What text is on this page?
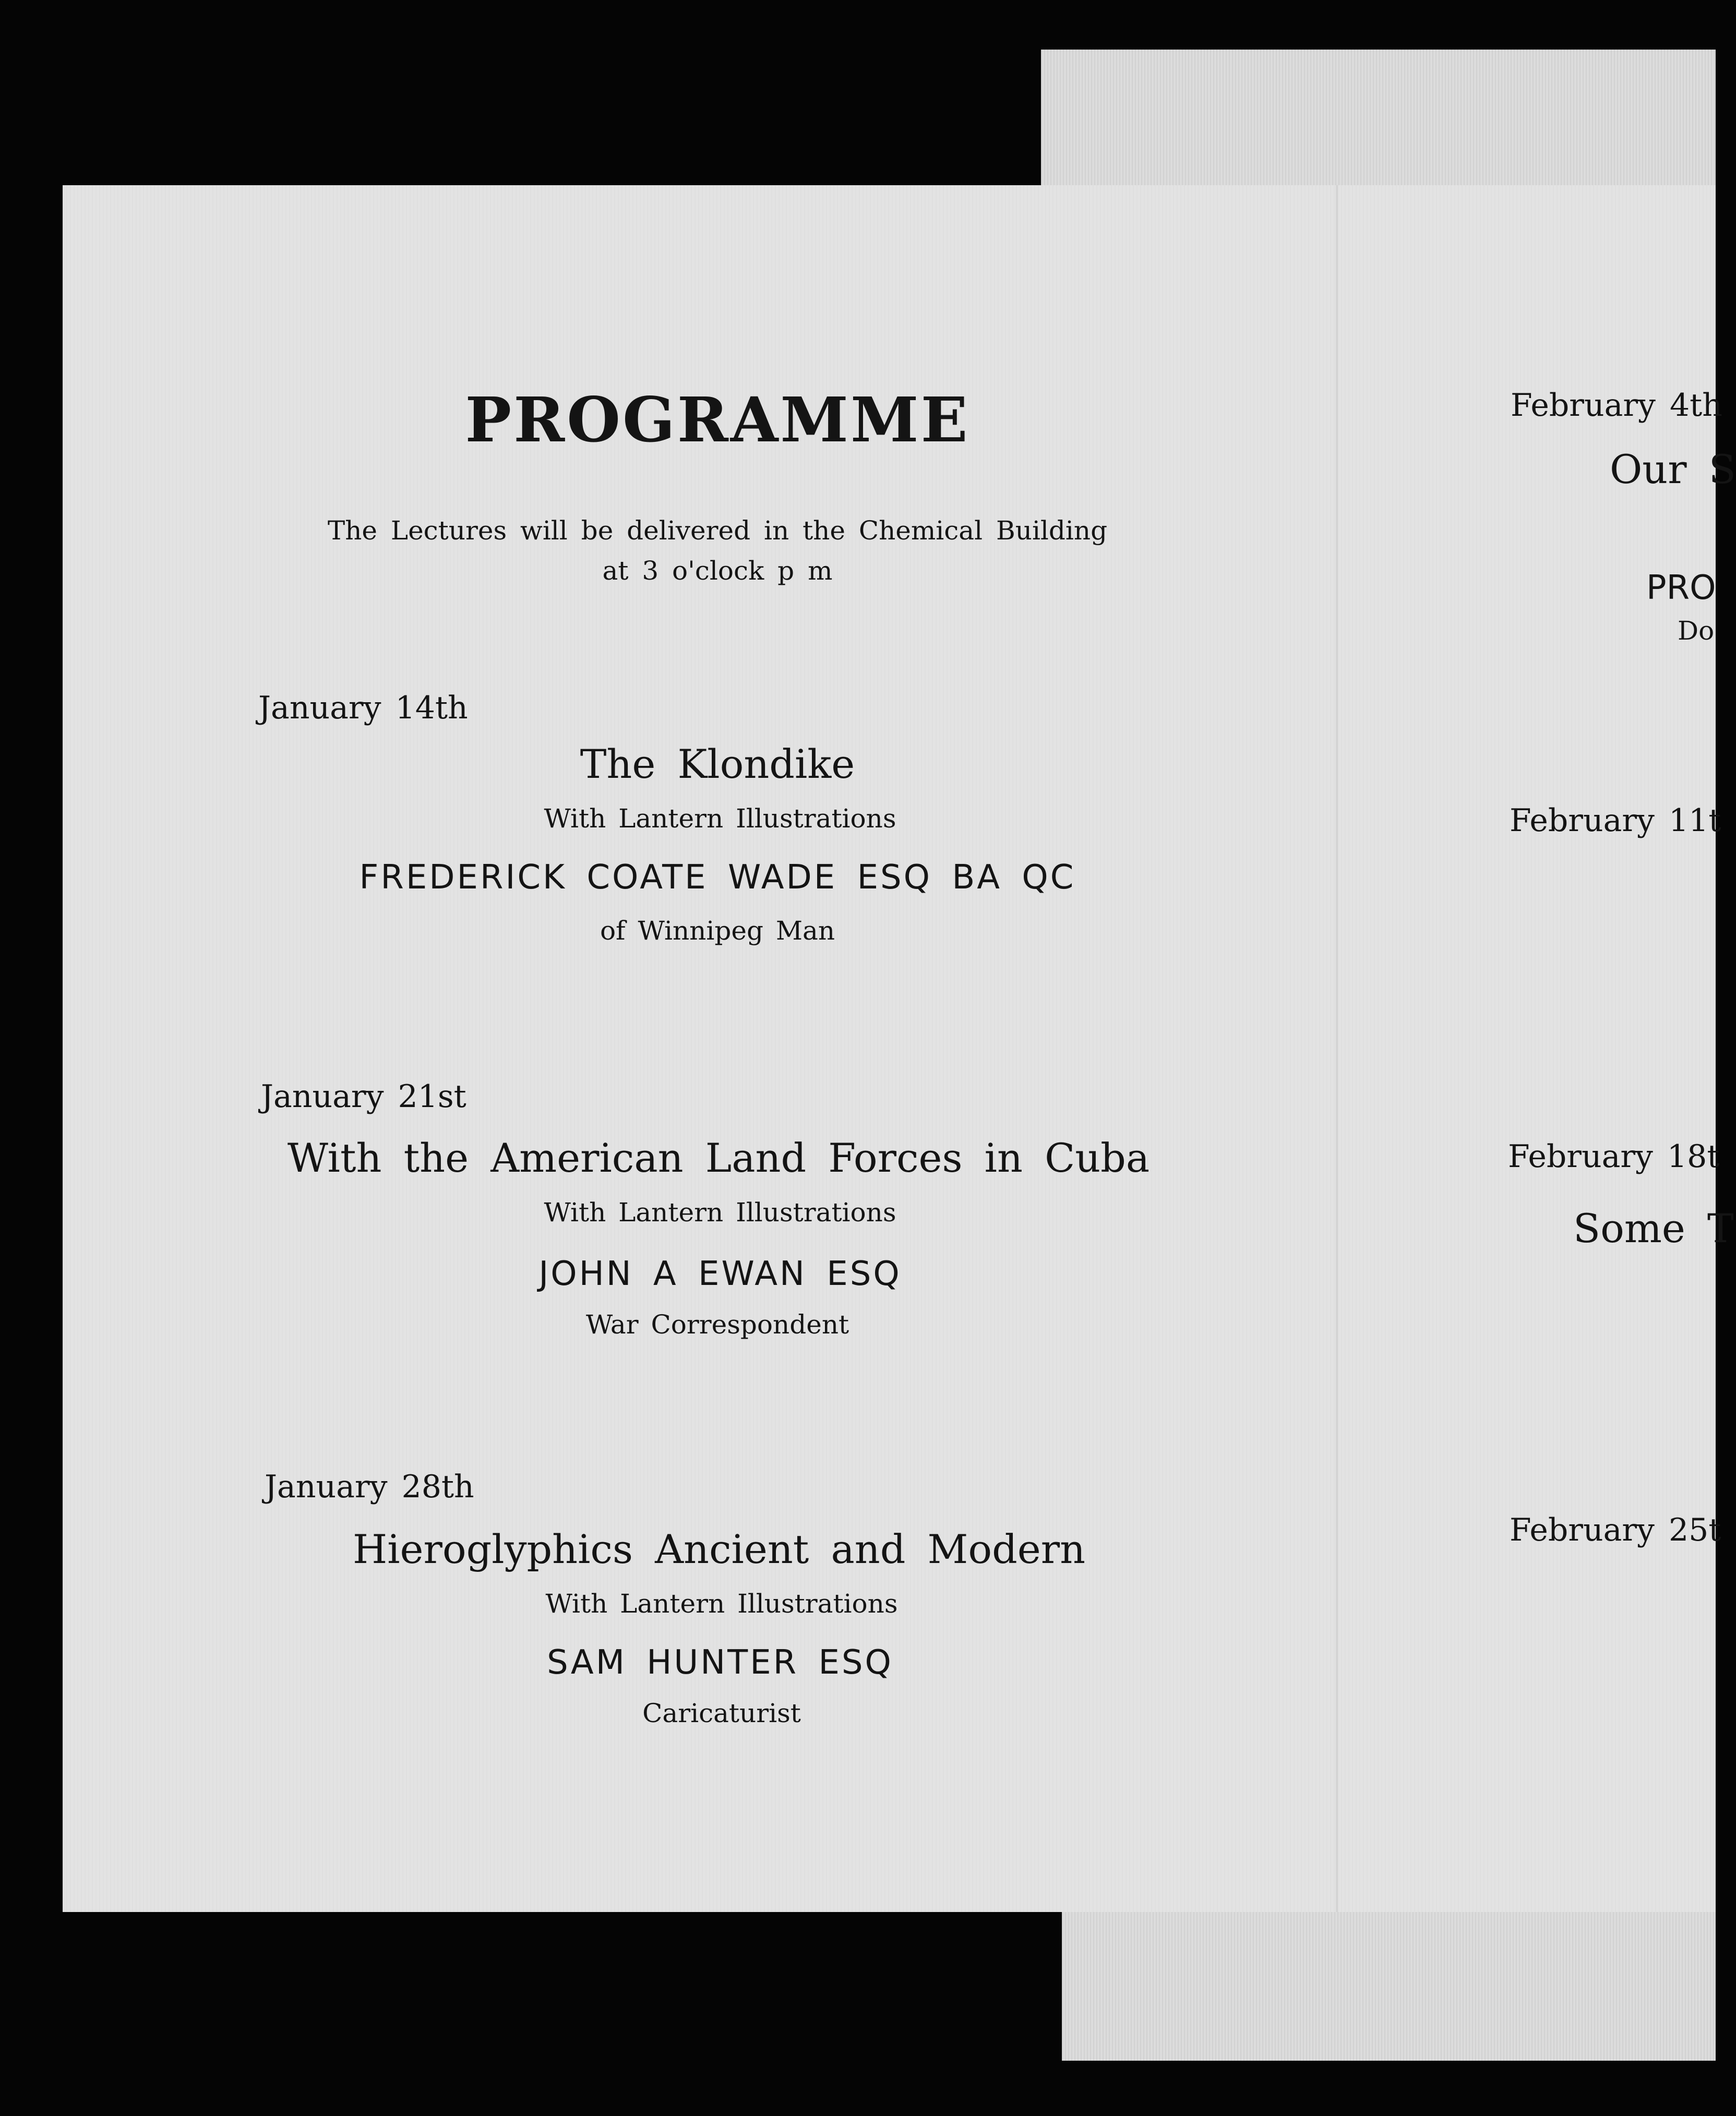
PROGRAMME

The Lectures will be delivered in the Chemical Building

at 3 o'clock p m

January 14th

The Klondike

With Lantern Illustrations

FREDERICK COATE WADE ESQ BA QC

of Winnipeg Man

January 21st

With the American Land Forces in Cuba

With Lantern Illustrations

JOHN A EWAN ESQ

War Correspondent

January 28th

Hieroglyphics Ancient and Modern

With Lantern Illustrations

SAM HUNTER ESQ

Caricaturist

February 4th

Our S

PRO

Do

February 11t

February 18t

Some T

February 25t
